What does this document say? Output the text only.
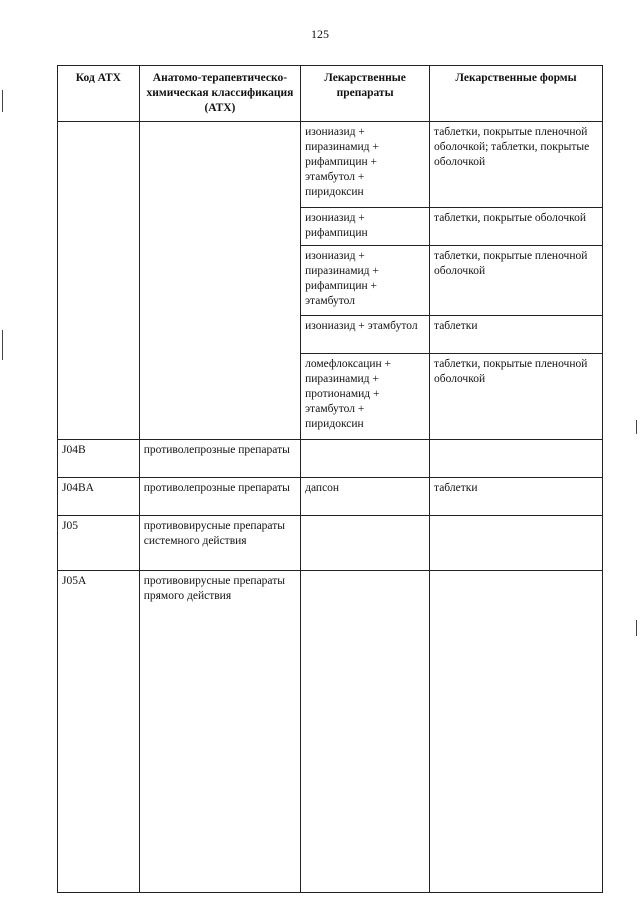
125
Код АТХ	Анатомо-терапевтическо-химическая классификация (АТХ)	Лекарственные препараты	Лекарственные формы
		изониазид + пиразинамид + рифампицин + этамбутол + пиридоксин	таблетки, покрытые пленочной оболочкой; таблетки, покрытые оболочкой
		изониазид + рифампицин	таблетки, покрытые оболочкой
		изониазид + пиразинамид + рифампицин + этамбутол	таблетки, покрытые пленочной оболочкой
		изониазид + этамбутол	таблетки
		ломефлоксацин + пиразинамид + протионамид + этамбутол + пиридоксин	таблетки, покрытые пленочной оболочкой
J04B	противолепрозные препараты		
J04BA	противолепрозные препараты	дапсон	таблетки
J05	противовирусные препараты системного действия		
J05A	противовирусные препараты прямого действия		
